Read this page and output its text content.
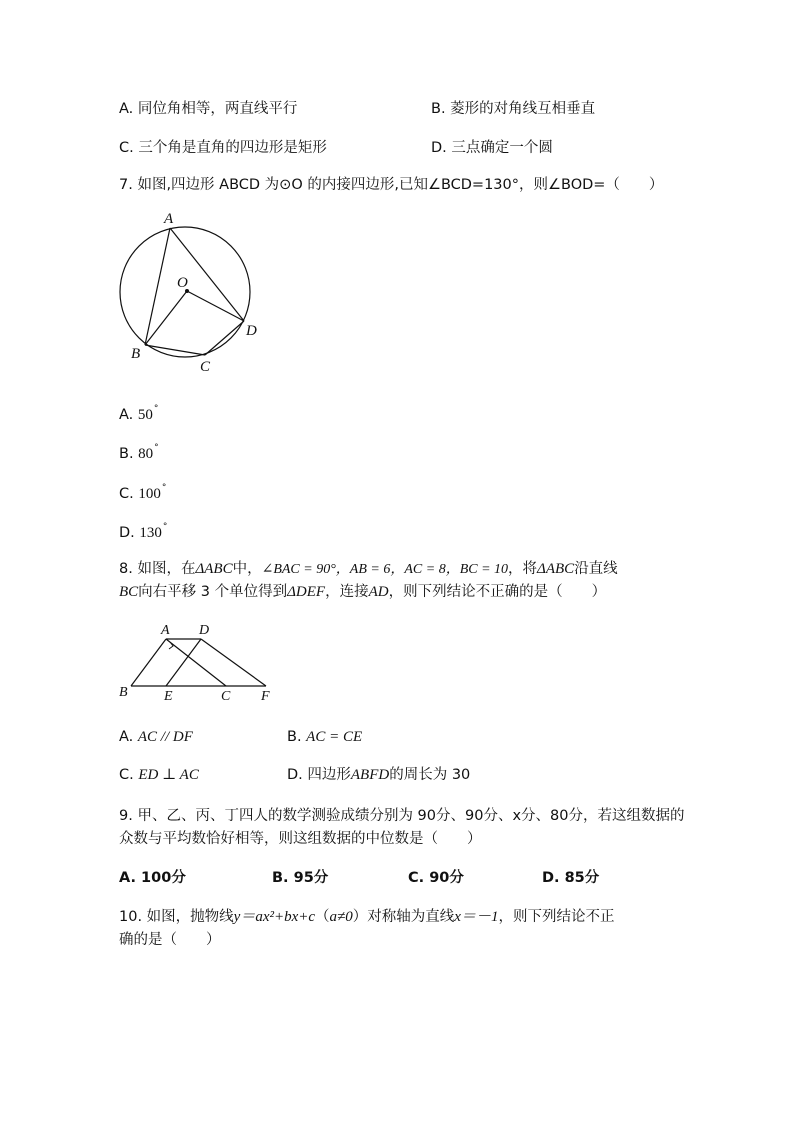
A. 同位角相等，两直线平行	B. 菱形的对角线互相垂直
C. 三个角是直角的四边形是矩形	D. 三点确定一个圆
7. 如图,四边形 ABCD 为⊙O 的内接四边形,已知∠BCD=130°，则∠BOD=（　　）
A
O
D
B
C
A. 50°
B. 80°
C. 100°
D. 130°
8. 如图，在ΔABC中，∠BAC = 90°，AB = 6，AC = 8，BC = 10，将ΔABC沿直线
BC向右平移 3 个单位得到ΔDEF，连接AD，则下列结论不正确的是（　　）
A D
B	E	C F
A. AC // DF	B. AC = CE
C. ED ⊥ AC	D. 四边形ABFD的周长为 30
9. 甲、乙、丙、丁四人的数学测验成绩分别为 90分、90分、x分、80分，若这组数据的
众数与平均数恰好相等，则这组数据的中位数是（　　）
A. 100分	B. 95分	C. 90分	D. 85分
10. 如图，抛物线y＝ax²+bx+c（a≠0）对称轴为直线x＝－1，则下列结论不正
确的是（　　）
